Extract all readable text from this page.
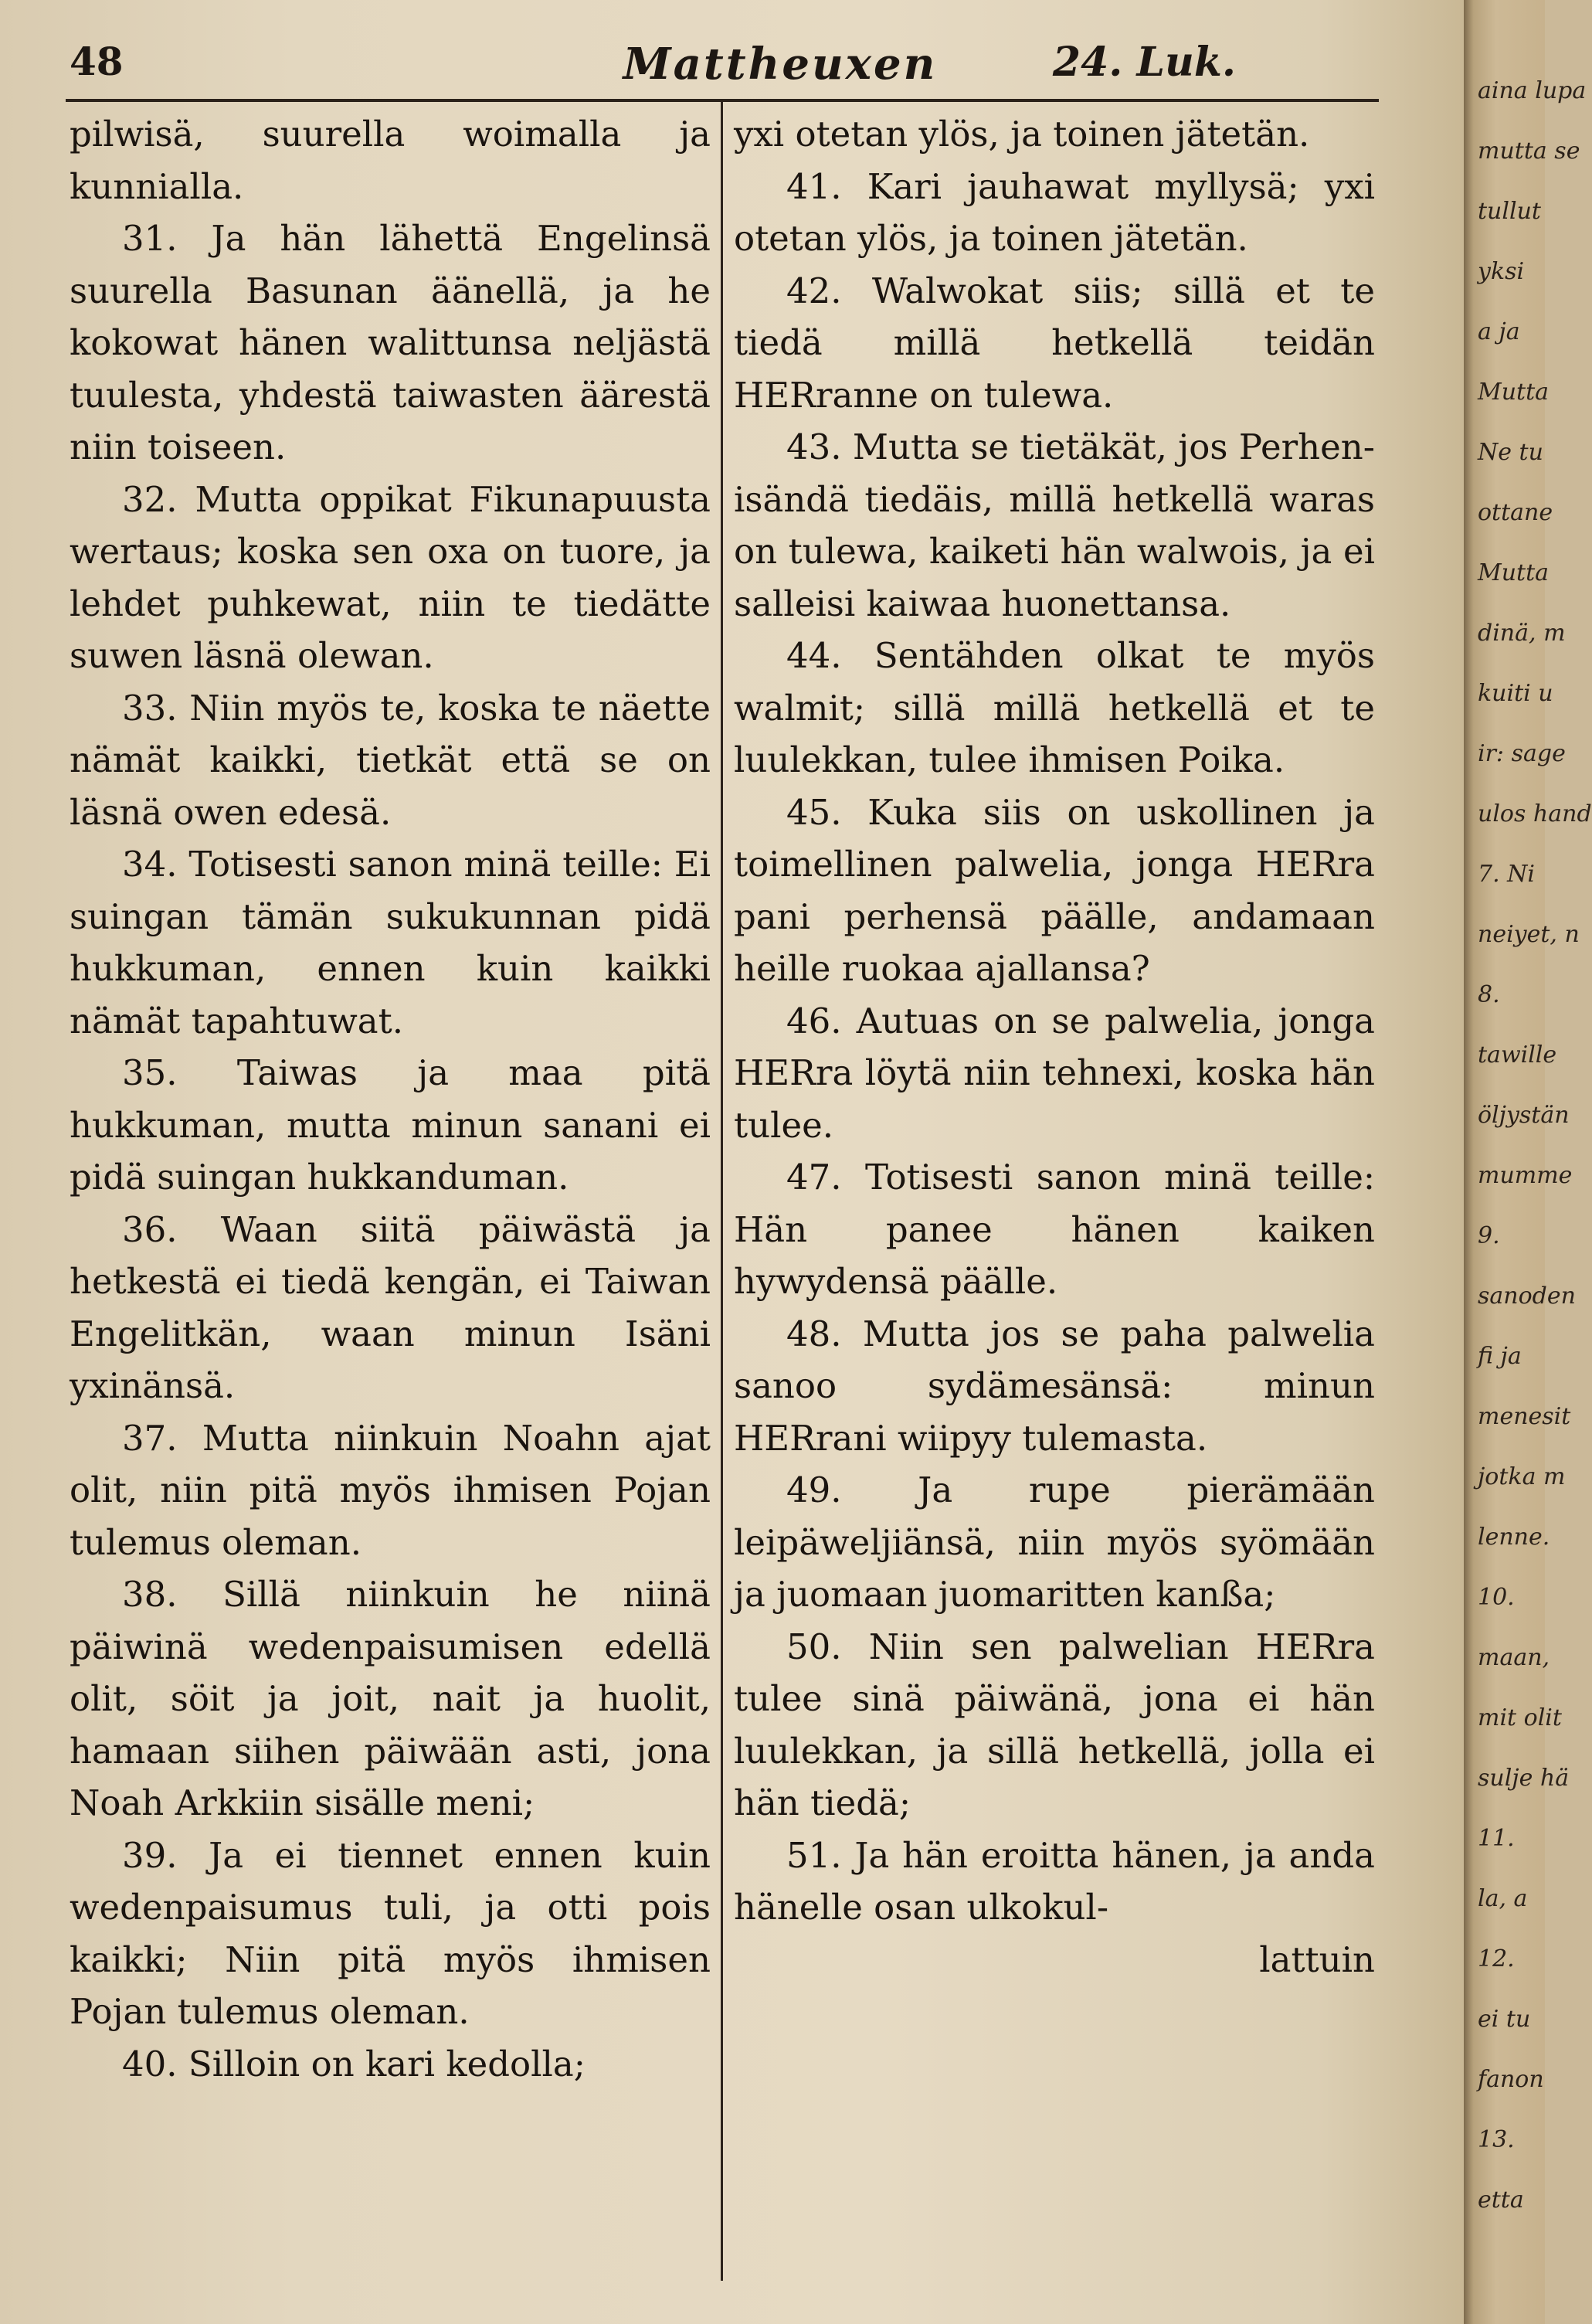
48	Mattheuxen	24. Luk.

pilwisä, suurella woimalla ja kunnialla.

31. Ja hän lähettä Engelinsä suurella Basunan äänellä, ja he kokowat hänen walittunsa neljästä tuulesta, yhdestä taiwasten äärestä niin toiseen.

32. Mutta oppikat Fikunapuusta wertaus; koska sen oxa on tuore, ja lehdet puhkewat, niin te tiedätte suwen läsnä olewan.

33. Niin myös te, koska te näette nämät kaikki, tietkät että se on läsnä owen edesä.

34. Totisesti sanon minä teille: Ei suingan tämän sukukunnan pidä hukkuman, ennen kuin kaikki nämät tapahtuwat.

35. Taiwas ja maa pitä hukkuman, mutta minun sanani ei pidä suingan hukkanduman.

36. Waan siitä päiwästä ja hetkestä ei tiedä kengän, ei Taiwan Engelitkän, waan minun Isäni yxinänsä.

37. Mutta niinkuin Noahn ajat olit, niin pitä myös ihmisen Pojan tulemus oleman.

38. Sillä niinkuin he niinä päiwinä wedenpaisumisen edellä olit, söit ja joit, nait ja huolit, hamaan siihen päiwään asti, jona Noah Arkkiin sisälle meni;

39. Ja ei tiennet ennen kuin wedenpaisumus tuli, ja otti pois kaikki; Niin pitä myös ihmisen Pojan tulemus oleman.

40. Silloin on kari kedolla;

yxi otetan ylös, ja toinen jätetän.

41. Kari jauhawat myllysä; yxi otetan ylös, ja toinen jätetän.

42. Walwokat siis; sillä et te tiedä millä hetkellä teidän HERranne on tulewa.

43. Mutta se tietäkät, jos Perhen-isändä tiedäis, millä hetkellä waras on tulewa, kaiketi hän walwois, ja ei salleisi kaiwaa huonettansa.

44. Sentähden olkat te myös walmit; sillä millä hetkellä et te luulekkan, tulee ihmisen Poika.

45. Kuka siis on uskollinen ja toimellinen palwelia, jonga HERra pani perhensä päälle, andamaan heille ruokaa ajallansa?

46. Autuas on se palwelia, jonga HERra löytä niin tehnexi, koska hän tulee.

47. Totisesti sanon minä teille: Hän panee hänen kaiken hywydensä päälle.

48. Mutta jos se paha palwelia sanoo sydämesänsä: minun HERrani wiipyy tulemasta.

49. Ja rupe pierämään leipäweljiänsä, niin myös syömään ja juomaan juomaritten kanßa;

50. Niin sen palwelian HERra tulee sinä päiwänä, jona ei hän luulekkan, ja sillä hetkellä, jolla ei hän tiedä;

51. Ja hän eroitta hänen, ja anda hänelle osan ulkokul-

lattuin

aina lupa
mutta se
tullut
yksi
a ja
Mutta
Ne tu
ottane
Mutta
dinä, m
kuiti u
ir: sage
ulos hand
7. Ni
neiyet, n
8.
tawille
öljystän
mumme
9.
sanoden
fi ja
menesit
jotka m
lenne.
10.
maan,
mit olit
sulje hä
11.
la, a
12.
ei tu
fanon
13.
etta
